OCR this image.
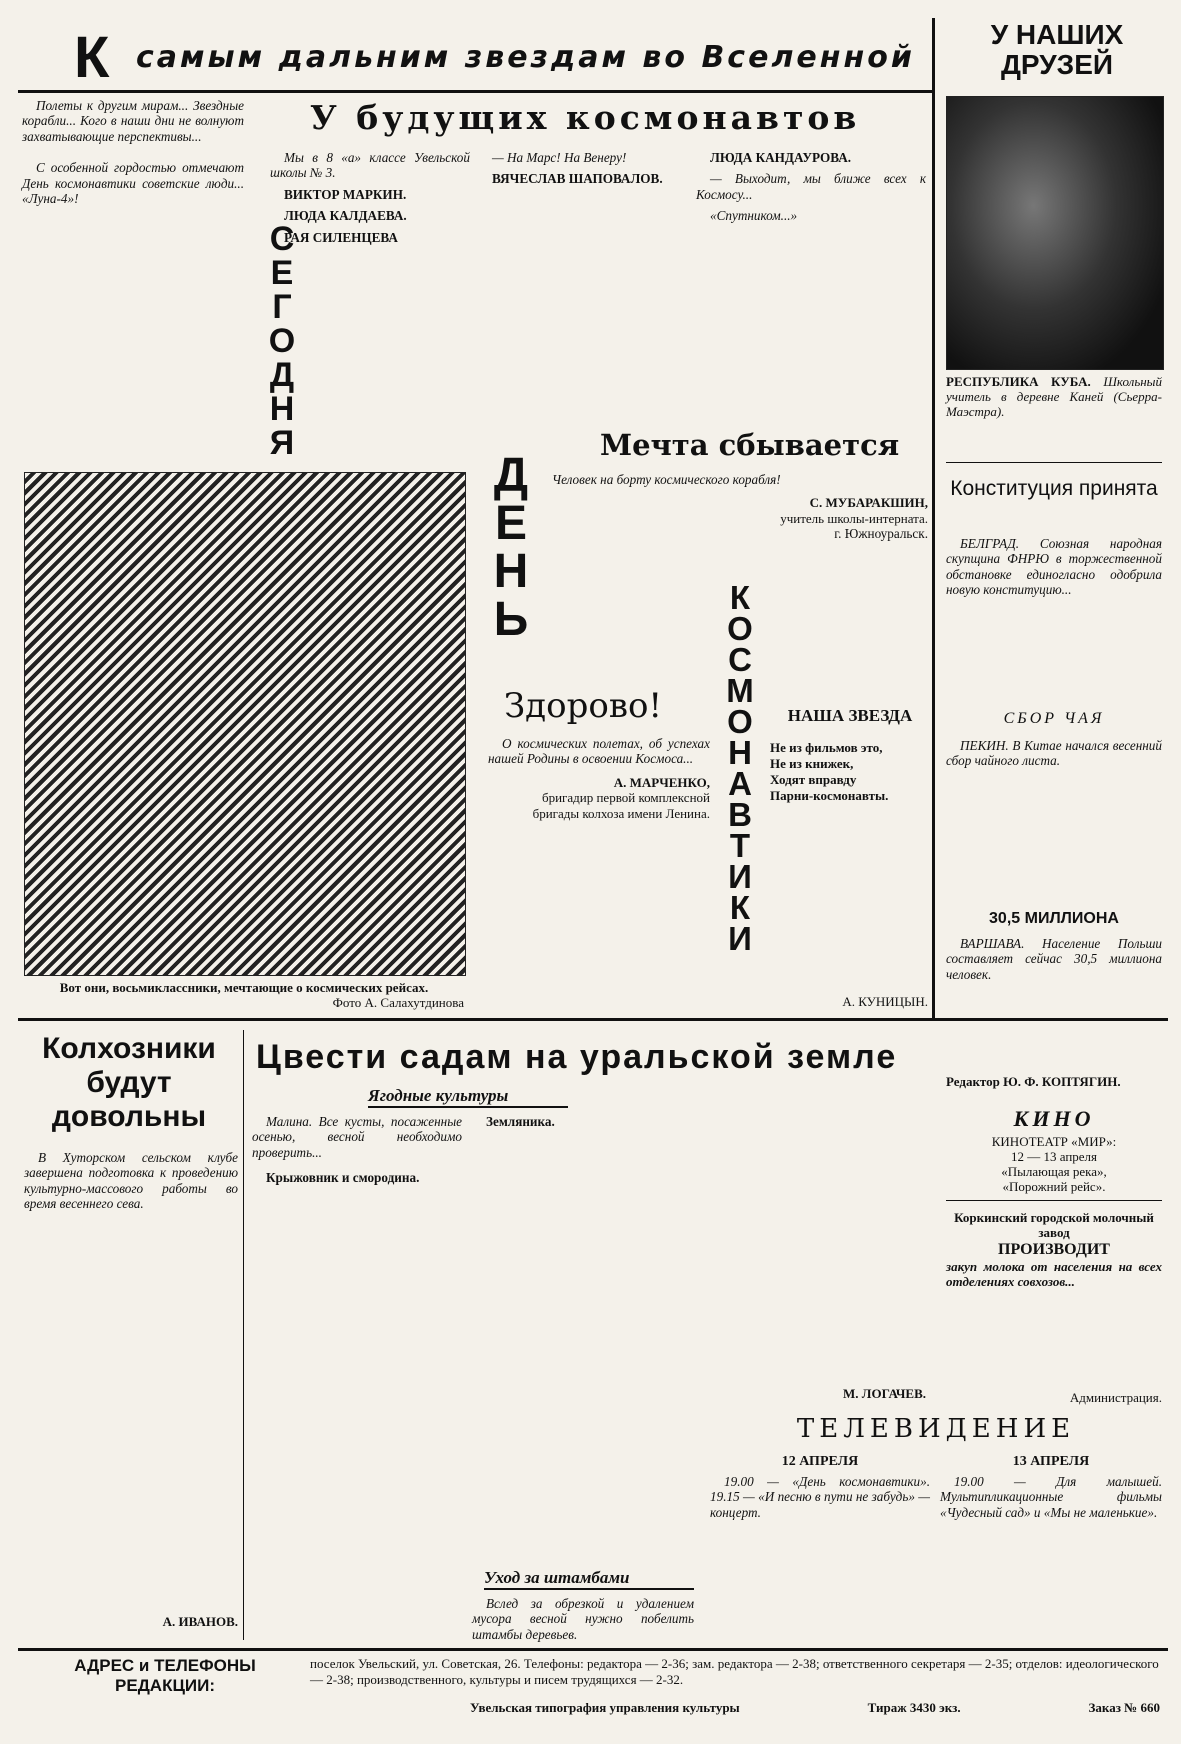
К самым дальним звездам во Вселенной

Полеты к другим мирам... Звездные корабли... Кого в наши дни не волнуют захватывающие перспективы...

С особенной гордостью отмечают День космонавтики советские люди... «Луна-4»!

У будущих космонавтов
СЕГОДНЯ

Мы в 8 «а» классе Увельской школы № 3.

ВИКТОР МАРКИН.

ЛЮДА КАЛДАЕВА.

РАЯ СИЛЕНЦЕВА

— На Марс! На Венеру!

ВЯЧЕСЛАВ ШАПОВАЛОВ.

ЛЮДА КАНДАУРОВА.

— Выходит, мы ближе всех к Космосу...

«Спутником...»

Вот они, восьмиклассники, мечтающие о космических рейсах.

Фото А. Салахутдинова

ДЕНЬ
Мечта сбывается

Человек на борту космического корабля!

С. МУБАРАКШИН,

учитель школы-интерната.

г. Южноуральск.

Здорово!

О космических полетах, об успехах нашей Родины в освоении Космоса...

А. МАРЧЕНКО,

бригадир первой комплексной бригады колхоза имени Ленина.

КОСМОНАВТИКИ
НАША ЗВЕЗДА

Не из фильмов это,

Не из книжек,

Ходят вправду

Парни-космонавты.

А. КУНИЦЫН.
У НАШИХ ДРУЗЕЙ
РЕСПУБЛИКА КУБА. Школьный учитель в деревне Каней (Сьерра-Маэстра).
Конституция принята

БЕЛГРАД. Союзная народная скупщина ФНРЮ в торжественной обстановке единогласно одобрила новую конституцию...

СБОР ЧАЯ

ПЕКИН. В Китае начался весенний сбор чайного листа.

30,5 МИЛЛИОНА

ВАРШАВА. Население Польши составляет сейчас 30,5 миллиона человек.

Редактор Ю. Ф. КОПТЯГИН.
Колхозники будут довольны

В Хуторском сельском клубе завершена подготовка к проведению культурно-массового работы во время весеннего сева.

А. ИВАНОВ.
Цвести садам на уральской земле
Ягодные культуры

Малина. Все кусты, посаженные осенью, весной необходимо проверить...

Крыжовник и смородина.

Земляника.

Уход за штамбами

Вслед за обрезкой и удалением мусора весной нужно побелить штамбы деревьев.

М. ЛОГАЧЕВ.
КИНО

КИНОТЕАТР «МИР»:

12 — 13 апреля

«Пылающая река»,

«Порожний рейс».

Коркинский городской молочный завод

ПРОИЗВОДИТ

закуп молока от населения на всех отделениях совхозов...

Администрация.
ТЕЛЕВИДЕНИЕ
12 АПРЕЛЯ

19.00 — «День космонавтики». 19.15 — «И песню в пути не забудь» — концерт.

13 АПРЕЛЯ

19.00 — Для малышей. Мультипликационные фильмы «Чудесный сад» и «Мы не маленькие».

АДРЕС и ТЕЛЕФОНЫ РЕДАКЦИИ:
поселок Увельский, ул. Советская, 26. Телефоны: редактора — 2-36; зам. редактора — 2-38; ответственного секретаря — 2-35; отделов: идеологического — 2-38; производственного, культуры и писем трудящихся — 2-32.
Увельская типография управления культуры	Тираж 3430 экз.	Заказ № 660
